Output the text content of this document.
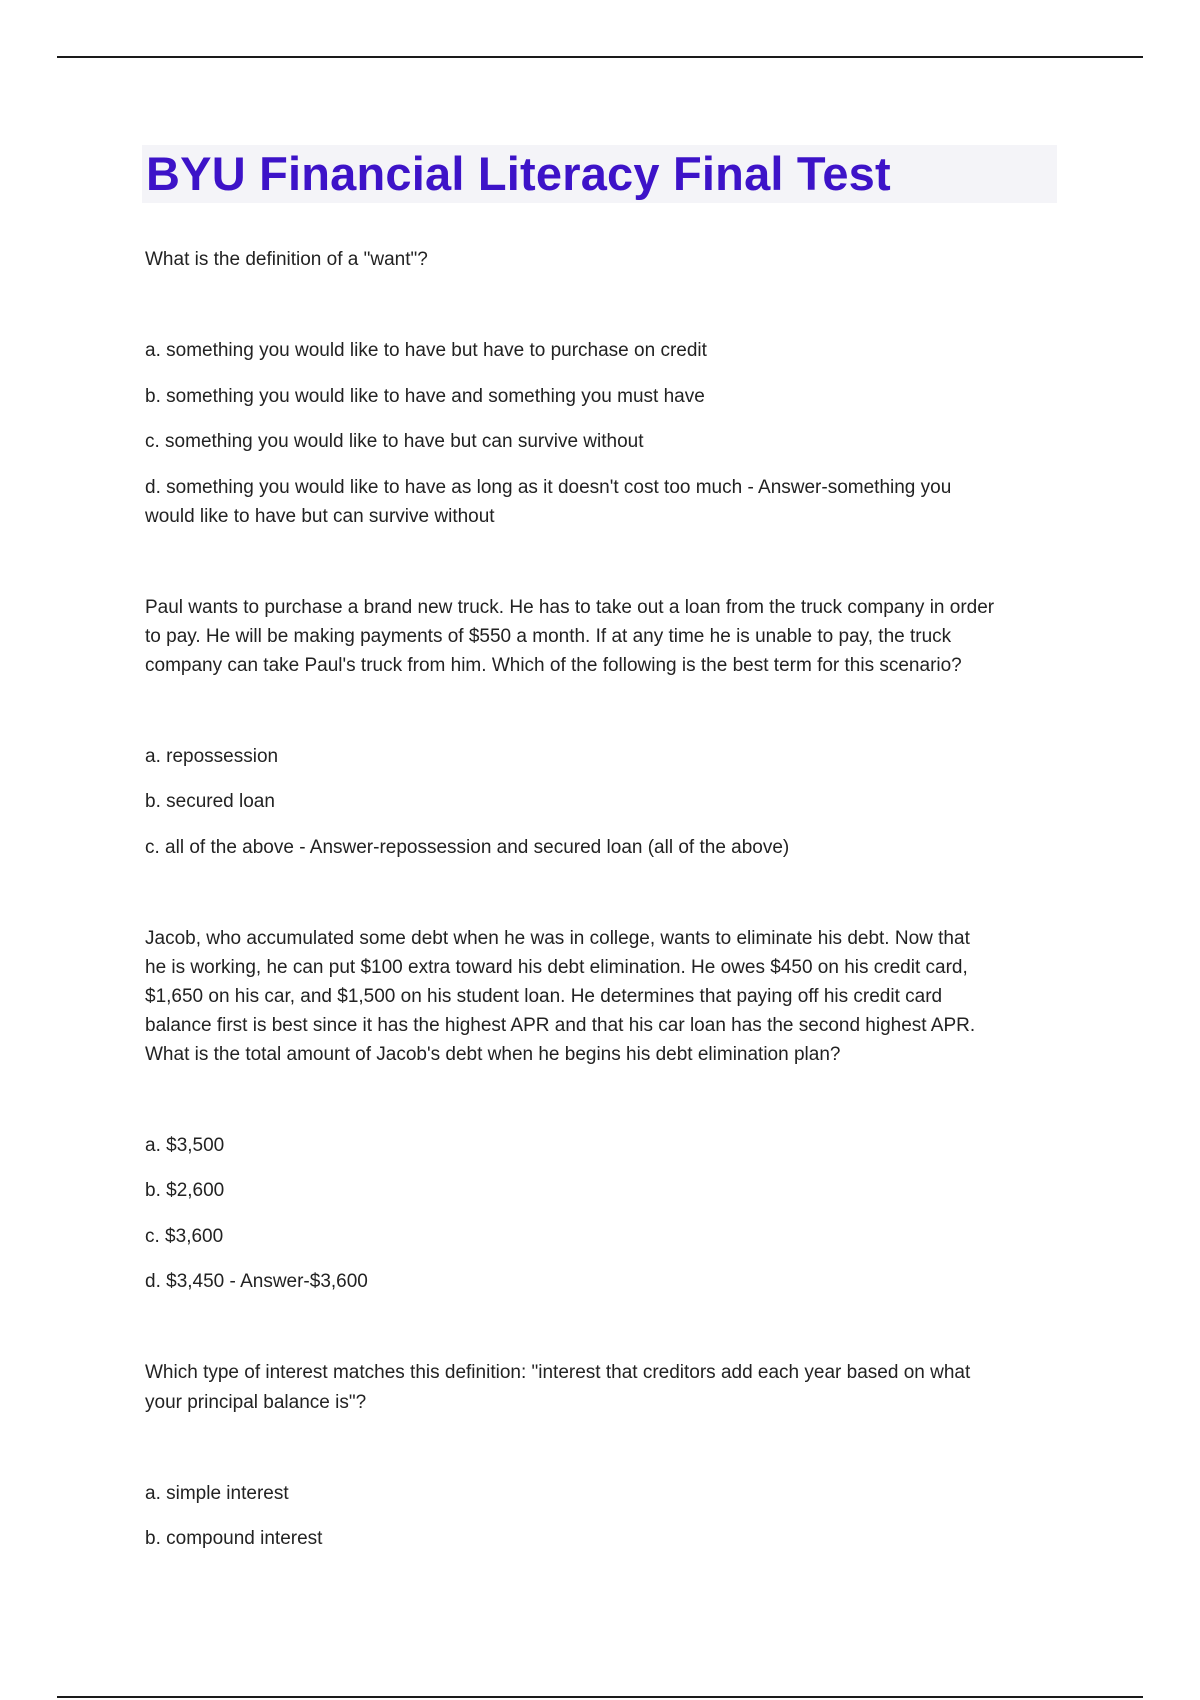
BYU Financial Literacy Final Test

What is the definition of a "want"?

a. something you would like to have but have to purchase on credit

b. something you would like to have and something you must have

c. something you would like to have but can survive without

d. something you would like to have as long as it doesn't cost too much - Answer-something you

would like to have but can survive without

Paul wants to purchase a brand new truck. He has to take out a loan from the truck company in order

to pay. He will be making payments of $550 a month. If at any time he is unable to pay, the truck

company can take Paul's truck from him. Which of the following is the best term for this scenario?

a. repossession

b. secured loan

c. all of the above - Answer-repossession and secured loan (all of the above)

Jacob, who accumulated some debt when he was in college, wants to eliminate his debt. Now that

he is working, he can put $100 extra toward his debt elimination. He owes $450 on his credit card,

$1,650 on his car, and $1,500 on his student loan. He determines that paying off his credit card

balance first is best since it has the highest APR and that his car loan has the second highest APR.

What is the total amount of Jacob's debt when he begins his debt elimination plan?

a. $3,500

b. $2,600

c. $3,600

d. $3,450 - Answer-$3,600

Which type of interest matches this definition: "interest that creditors add each year based on what

your principal balance is"?

a. simple interest

b. compound interest
